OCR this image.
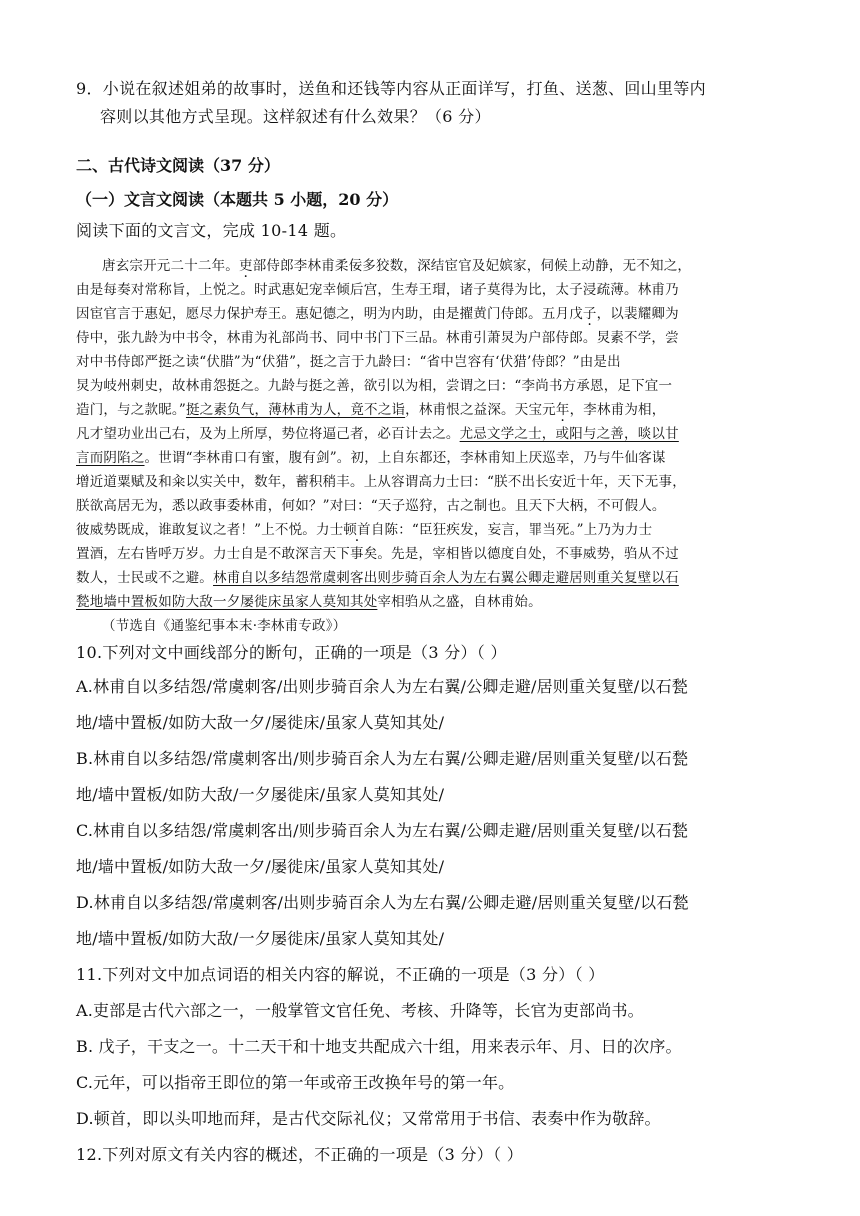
9．小说在叙述姐弟的故事时，送鱼和还钱等内容从正面详写，打鱼、送葱、回山里等内
容则以其他方式呈现。这样叙述有什么效果？（6 分）
二、古代诗文阅读（37 分）
（一）文言文阅读（本题共 5 小题，20 分）
阅读下面的文言文，完成 10-14 题。
唐玄宗开元二十二年。吏部侍郎李林甫柔佞多狡数，深结宦官及妃嫔家，伺候上动静，无不知之，
由是每奏对常称旨，上悦之。时武惠妃宠幸倾后宫，生寿王瑁，诸子莫得为比，太子浸疏薄。林甫乃
因宦官言于惠妃，愿尽力保护寿王。惠妃德之，明为内助，由是擢黄门侍郎。五月戊子，以裴耀卿为
侍中，张九龄为中书令，林甫为礼部尚书、同中书门下三品。林甫引萧炅为户部侍郎。炅素不学，尝
对中书侍郎严挺之读“伏腊”为“伏猎”，挺之言于九龄曰：“省中岂容有‘伏猎’侍郎？”由是出
炅为岐州刺史，故林甫怨挺之。九龄与挺之善，欲引以为相，尝谓之曰：“李尚书方承恩，足下宜一
造门，与之款昵。”挺之素负气，薄林甫为人，竟不之诣，林甫恨之益深。天宝元年，李林甫为相，
凡才望功业出己右，及为上所厚，势位将逼己者，必百计去之。尤忌文学之士，或阳与之善，啖以甘
言而阴陷之。世谓“李林甫口有蜜，腹有剑”。初，上自东都还，李林甫知上厌巡幸，乃与牛仙客谋
增近道粟赋及和籴以实关中，数年，蓄积稍丰。上从容谓高力士曰：“朕不出长安近十年，天下无事，
朕欲高居无为，悉以政事委林甫，何如？”对曰：“天子巡狩，古之制也。且天下大柄，不可假人。
彼威势既成，谁敢复议之者！”上不悦。力士顿首自陈：“臣狂疾发，妄言，罪当死。”上乃为力士
置酒，左右皆呼万岁。力士自是不敢深言天下事矣。先是，宰相皆以德度自处，不事威势，驺从不过
数人，士民或不之避。林甫自以多结怨常虞刺客出则步骑百余人为左右翼公卿走避居则重关复壁以石
甃地墙中置板如防大敌一夕屡徙床虽家人莫知其处宰相驺从之盛，自林甫始。
（节选自《通鉴纪事本末·李林甫专政》）
10.下列对文中画线部分的断句，正确的一项是（3 分）（ ）
A.林甫自以多结怨/常虞刺客/出则步骑百余人为左右翼/公卿走避/居则重关复壁/以石甃
地/墙中置板/如防大敌一夕/屡徙床/虽家人莫知其处/
B.林甫自以多结怨/常虞刺客出/则步骑百余人为左右翼/公卿走避/居则重关复壁/以石甃
地/墙中置板/如防大敌/一夕屡徙床/虽家人莫知其处/
C.林甫自以多结怨/常虞刺客出/则步骑百余人为左右翼/公卿走避/居则重关复壁/以石甃
地/墙中置板/如防大敌一夕/屡徙床/虽家人莫知其处/
D.林甫自以多结怨/常虞刺客/出则步骑百余人为左右翼/公卿走避/居则重关复壁/以石甃
地/墙中置板/如防大敌/一夕屡徙床/虽家人莫知其处/
11.下列对文中加点词语的相关内容的解说，不正确的一项是（3 分）（ ）
A.吏部是古代六部之一，一般掌管文官任免、考核、升降等，长官为吏部尚书。
B. 戊子，干支之一。十二天干和十地支共配成六十组，用来表示年、月、日的次序。
C.元年，可以指帝王即位的第一年或帝王改换年号的第一年。
D.顿首，即以头叩地而拜，是古代交际礼仪；又常常用于书信、表奏中作为敬辞。
12.下列对原文有关内容的概述，不正确的一项是（3 分）（ ）
